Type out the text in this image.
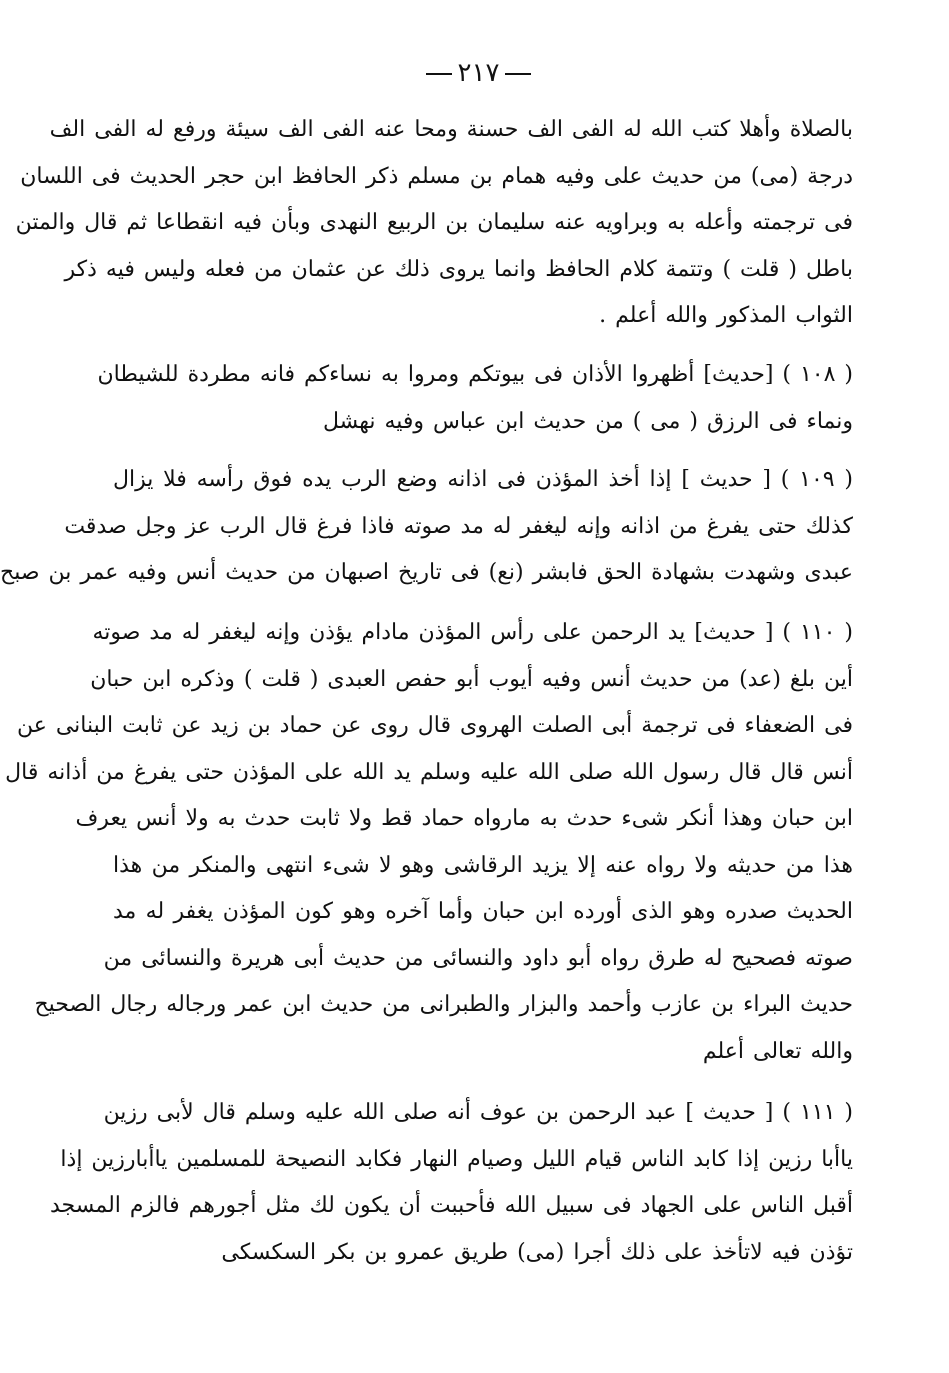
٢١٧
بالصلاة وأهلا كتب الله له الفى الف حسنة ومحا عنه الفى الف سيئة ورفع له الفى الف
درجة (مى) من حديث على وفيه همام بن مسلم ذكر الحافظ ابن حجر الحديث فى اللسان
فى ترجمته وأعله به وبراويه عنه سليمان بن الربيع النهدى وبأن فيه انقطاعا ثم قال والمتن
باطل ( قلت ) وتتمة كلام الحافظ وانما يروى ذلك عن عثمان من فعله وليس فيه ذكر
الثواب المذكور والله أعلم .
( ١٠٨ ) [حديث] أظهروا الأذان فى بيوتكم ومروا به نساءكم فانه مطردة للشيطان
ونماء فى الرزق ( مى ) من حديث ابن عباس وفيه نهشل
( ١٠٩ ) [ حديث ] إذا أخذ المؤذن فى اذانه وضع الرب يده فوق رأسه فلا يزال
كذلك حتى يفرغ من اذانه وإنه ليغفر له مد صوته فاذا فرغ قال الرب عز وجل صدقت
عبدى وشهدت بشهادة الحق فابشر (نع) فى تاريخ اصبهان من حديث أنس وفيه عمر بن صبح
( ١١٠ ) [ حديث] يد الرحمن على رأس المؤذن مادام يؤذن وإنه ليغفر له مد صوته
أين بلغ (عد) من حديث أنس وفيه أيوب أبو حفص العبدى ( قلت ) وذكره ابن حبان
فى الضعفاء فى ترجمة أبى الصلت الهروى قال روى عن حماد بن زيد عن ثابت البنانى عن
أنس قال قال رسول الله صلى الله عليه وسلم يد الله على المؤذن حتى يفرغ من أذانه قال
ابن حبان وهذا أنكر شىء حدث به مارواه حماد قط ولا ثابت حدث به ولا أنس يعرف
هذا من حديثه ولا رواه عنه إلا يزيد الرقاشى وهو لا شىء انتهى والمنكر من هذا
الحديث صدره وهو الذى أورده ابن حبان وأما آخره وهو كون المؤذن يغفر له مد
صوته فصحيح له طرق رواه أبو داود والنسائى من حديث أبى هريرة والنسائى من
حديث البراء بن عازب وأحمد والبزار والطبرانى من حديث ابن عمر ورجاله رجال الصحيح
والله تعالى أعلم
( ١١١ ) [ حديث ] عبد الرحمن بن عوف أنه صلى الله عليه وسلم قال لأبى رزين
ياأبا رزين إذا كابد الناس قيام الليل وصيام النهار فكابد النصيحة للمسلمين ياأبارزين إذا
أقبل الناس على الجهاد فى سبيل الله فأحببت أن يكون لك مثل أجورهم فالزم المسجد
تؤذن فيه لاتأخذ على ذلك أجرا (مى) طريق عمرو بن بكر السكسكى
